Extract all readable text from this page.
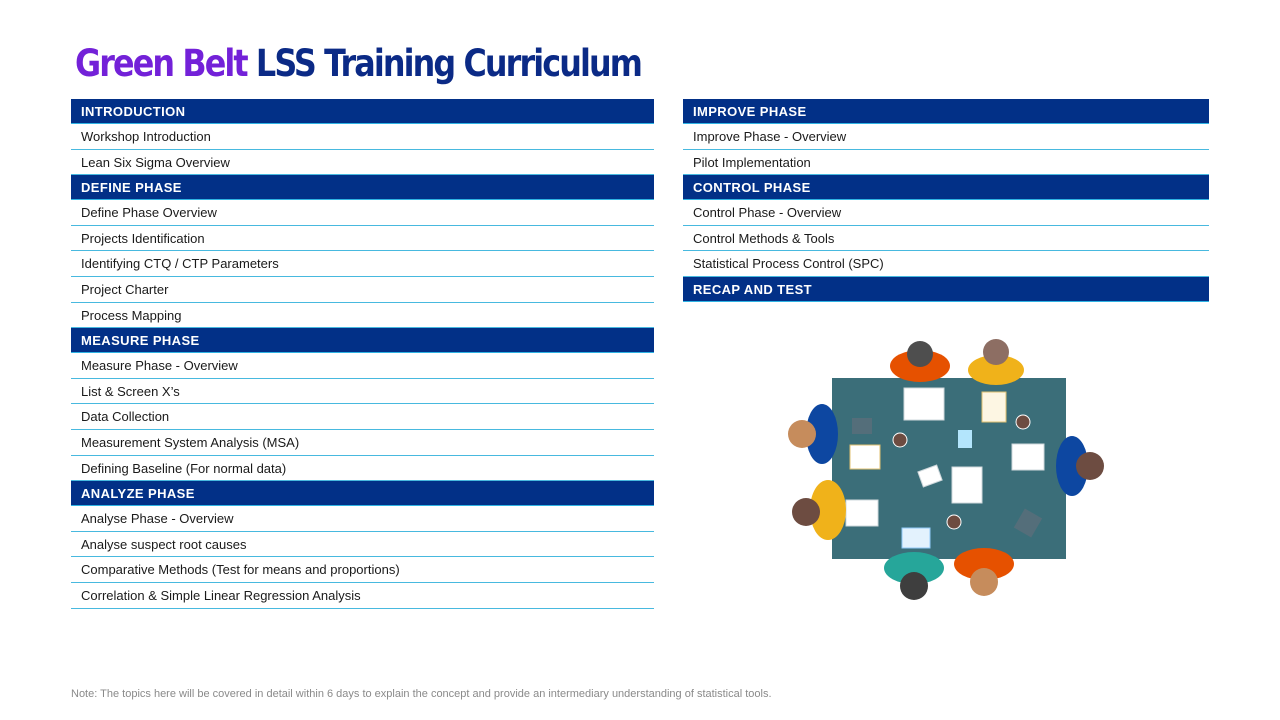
Green Belt LSS Training Curriculum
INTRODUCTION
Workshop Introduction
Lean Six Sigma Overview
DEFINE PHASE
Define Phase Overview
Projects Identification
Identifying CTQ / CTP Parameters
Project Charter
Process Mapping
MEASURE PHASE
Measure Phase - Overview
List & Screen X’s
Data Collection
Measurement System Analysis (MSA)
Defining Baseline (For normal data)
ANALYZE PHASE
Analyse Phase - Overview
Analyse suspect root causes
Comparative Methods (Test for means and proportions)
Correlation & Simple Linear Regression Analysis
IMPROVE PHASE
Improve Phase - Overview
Pilot Implementation
CONTROL PHASE
Control Phase - Overview
Control Methods & Tools
Statistical Process Control (SPC)
RECAP AND TEST
Note: The topics here will be covered in detail within 6 days to explain the concept and provide an intermediary understanding of statistical tools.
